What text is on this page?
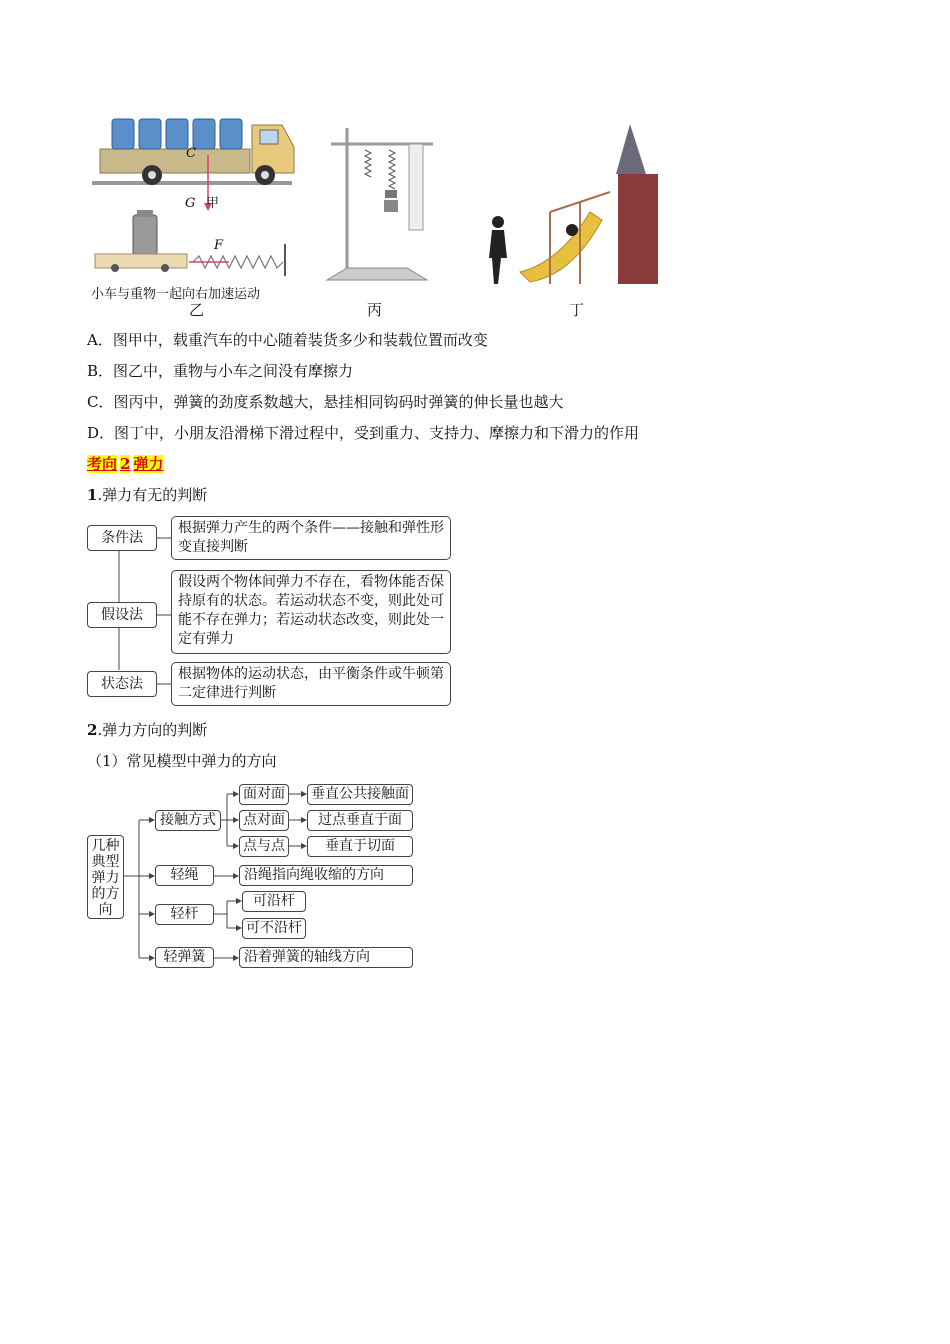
C
G 甲
F
小车与重物一起向右加速运动
乙	丙	丁
A．图甲中，载重汽车的中心随着装货多少和装载位置而改变
B．图乙中，重物与小车之间没有摩擦力
C．图丙中，弹簧的劲度系数越大，悬挂相同钩码时弹簧的伸长量也越大
D．图丁中，小朋友沿滑梯下滑过程中，受到重力、支持力、摩擦力和下滑力的作用
考向 2 弹力
1.弹力有无的判断
条件法
根据弹力产生的两个条件——接触和弹性形变直接判断
假设法
假设两个物体间弹力不存在，看物体能否保持原有的状态。若运动状态不变，则此处可能不存在弹力；若运动状态改变，则此处一定有弹力
状态法
根据物体的运动状态，由平衡条件或牛顿第二定律进行判断
2.弹力方向的判断
（1）常见模型中弹力的方向
几种典型弹力的方向
接触方式
面对面 垂直公共接触面
点对面	过点垂直于面
点与点	垂直于切面
轻绳	沿绳指向绳收缩的方向
轻杆
可沿杆
可不沿杆
轻弹簧	沿着弹簧的轴线方向
